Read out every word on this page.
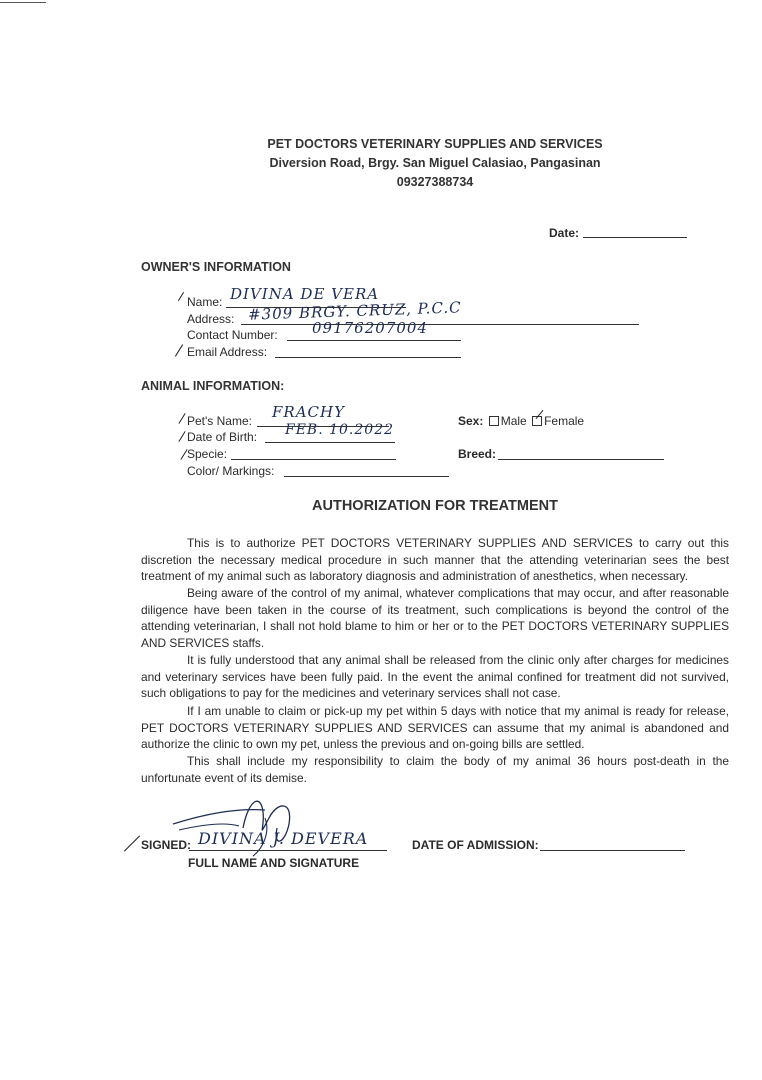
PET DOCTORS VETERINARY SUPPLIES AND SERVICES
Diversion Road, Brgy. San Miguel Calasiao, Pangasinan
09327388734
Date:
OWNER'S INFORMATION
Name: DIVINA DE VERA
Address: #309 BRGY. CRUZ, P.C.C
Contact Number: 09176207004
Email Address:
ANIMAL INFORMATION:
Pet's Name: FRACHY
Date of Birth: FEB. 10.2022
Specie:
Color/ Markings:
Sex: Male Female
Breed:
AUTHORIZATION FOR TREATMENT

This is to authorize PET DOCTORS VETERINARY SUPPLIES AND SERVICES to carry out this discretion the necessary medical procedure in such manner that the attending veterinarian sees the best treatment of my animal such as laboratory diagnosis and administration of anesthetics, when necessary.

Being aware of the control of my animal, whatever complications that may occur, and after reasonable diligence have been taken in the course of its treatment, such complications is beyond the control of the attending veterinarian, I shall not hold blame to him or her or to the PET DOCTORS VETERINARY SUPPLIES AND SERVICES staffs.

It is fully understood that any animal shall be released from the clinic only after charges for medicines and veterinary services have been fully paid. In the event the animal confined for treatment did not survived, such obligations to pay for the medicines and veterinary services shall not case.

If I am unable to claim or pick-up my pet within 5 days with notice that my animal is ready for release, PET DOCTORS VETERINARY SUPPLIES AND SERVICES can assume that my animal is abandoned and authorize the clinic to own my pet, unless the previous and on-going bills are settled.

This shall include my responsibility to claim the body of my animal 36 hours post-death in the unfortunate event of its demise.

SIGNED: DIVINA J. DEVERA
FULL NAME AND SIGNATURE
DATE OF ADMISSION:
